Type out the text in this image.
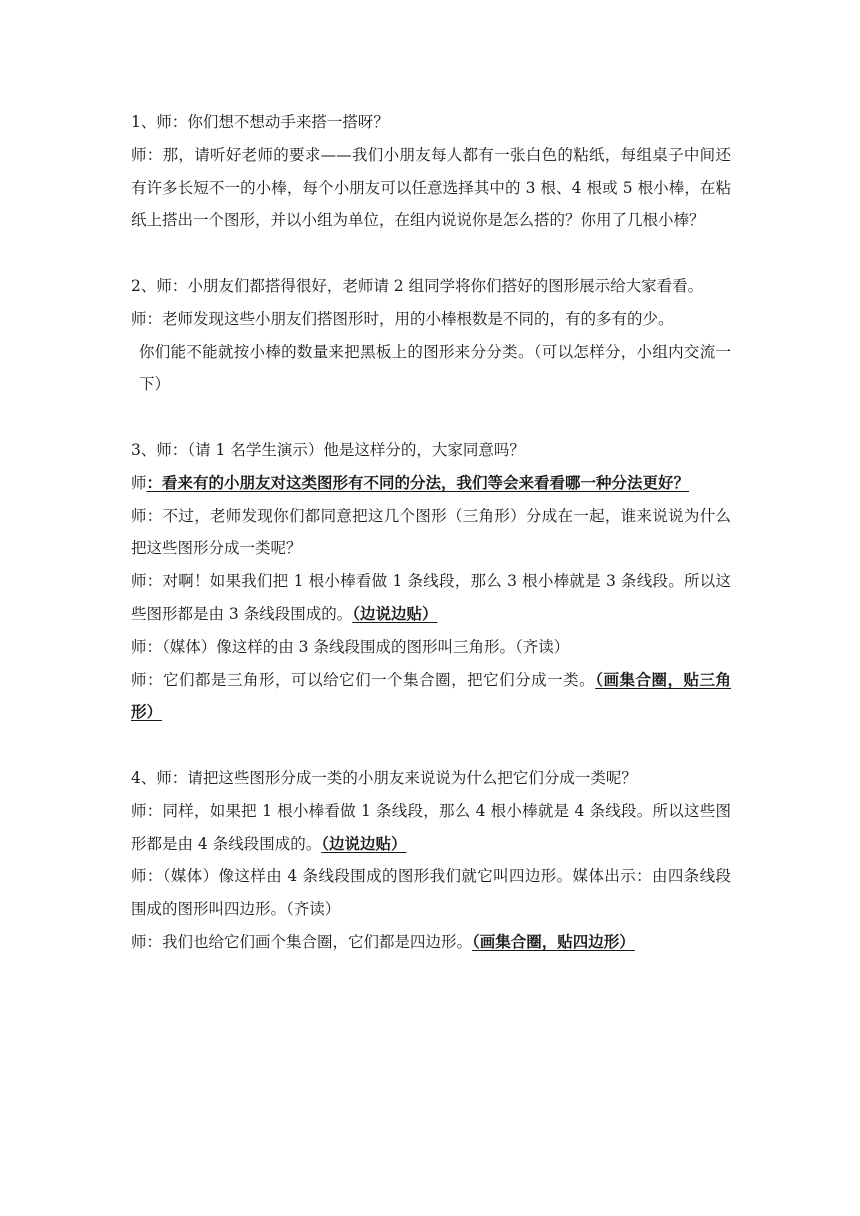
1、师：你们想不想动手来搭一搭呀？

师：那，请听好老师的要求——我们小朋友每人都有一张白色的粘纸，每组桌子中间还有许多长短不一的小棒，每个小朋友可以任意选择其中的 3 根、4 根或 5 根小棒，在粘纸上搭出一个图形，并以小组为单位，在组内说说你是怎么搭的？你用了几根小棒？

2、师：小朋友们都搭得很好，老师请 2 组同学将你们搭好的图形展示给大家看看。

师：老师发现这些小朋友们搭图形时，用的小棒根数是不同的，有的多有的少。

你们能不能就按小棒的数量来把黑板上的图形来分分类。（可以怎样分，小组内交流一下）

3、师：（请 1 名学生演示）他是这样分的，大家同意吗？

师：看来有的小朋友对这类图形有不同的分法，我们等会来看看哪一种分法更好？

师：不过，老师发现你们都同意把这几个图形（三角形）分成在一起，谁来说说为什么把这些图形分成一类呢？

师：对啊！如果我们把 1 根小棒看做 1 条线段，那么 3 根小棒就是 3 条线段。所以这些图形都是由 3 条线段围成的。（边说边贴）

师：（媒体）像这样的由 3 条线段围成的图形叫三角形。（齐读）

师：它们都是三角形，可以给它们一个集合圈，把它们分成一类。（画集合圈，贴三角形）

4、师：请把这些图形分成一类的小朋友来说说为什么把它们分成一类呢？

师：同样，如果把 1 根小棒看做 1 条线段，那么 4 根小棒就是 4 条线段。所以这些图形都是由 4 条线段围成的。（边说边贴）

师：（媒体）像这样由 4 条线段围成的图形我们就它叫四边形。媒体出示：由四条线段围成的图形叫四边形。（齐读）

师：我们也给它们画个集合圈，它们都是四边形。（画集合圈，贴四边形）
